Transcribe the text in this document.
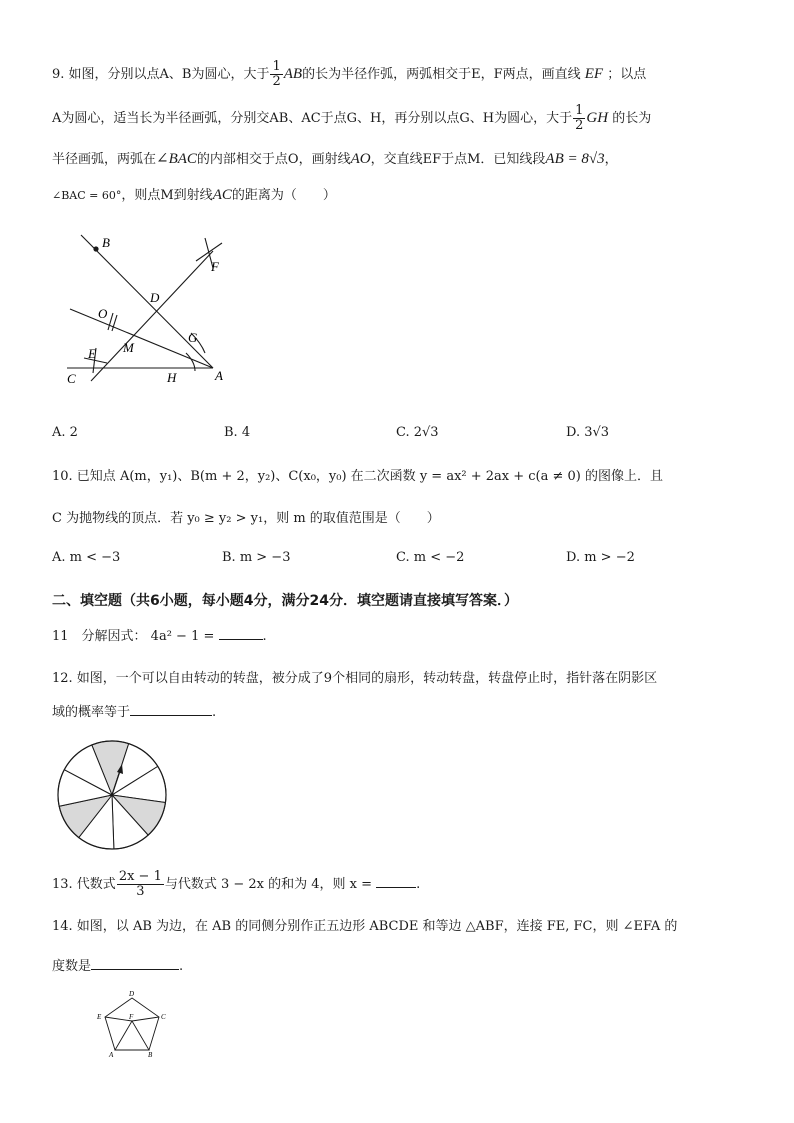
9. 如图，分别以点A、B为圆心，大于 $\frac{1}{2}$ AB的长为半径作弧，两弧相交于E，F两点，画直线 EF ；以点
A为圆心，适当长为半径画弧，分别交AB、AC于点G、H，再分别以点G、H为圆心，大于 $\frac{1}{2}$ GH 的长为
半径画弧，两弧在∠BAC的内部相交于点O，画射线AO，交直线EF于点M．已知线段AB = 8√3，
∠BAC = 60°，则点M到射线AC的距离为（　　）
B
F
D
O
G
M
E
C	H	A
A. 2	B. 4	C. 2√3	D. 3√3
10. 已知点 A(m，y₁)、B(m + 2，y₂)、C(x₀，y₀) 在二次函数 y = ax² + 2ax + c(a ≠ 0) 的图像上．且
C 为抛物线的顶点．若 y₀ ≥ y₂ > y₁，则 m 的取值范围是（　　）
A. m < −3	B. m > −3	C. m < −2	D. m > −2
二、填空题（共6小题，每小题4分，满分24分．填空题请直接填写答案．）
11　分解因式： 4a² − 1 =	.
12. 如图，一个可以自由转动的转盘，被分成了9个相同的扇形，转动转盘，转盘停止时，指针落在阴影区
域的概率等于	.
13. 代数式 $\frac{2x - 1}{3}$ 与代数式 3 − 2x 的和为 4，则 x =	.
14. 如图，以 AB 为边，在 AB 的同侧分别作正五边形 ABCDE 和等边 △ABF，连接 FE, FC，则 ∠EFA 的
度数是	.
D
E	F	C
A	B
